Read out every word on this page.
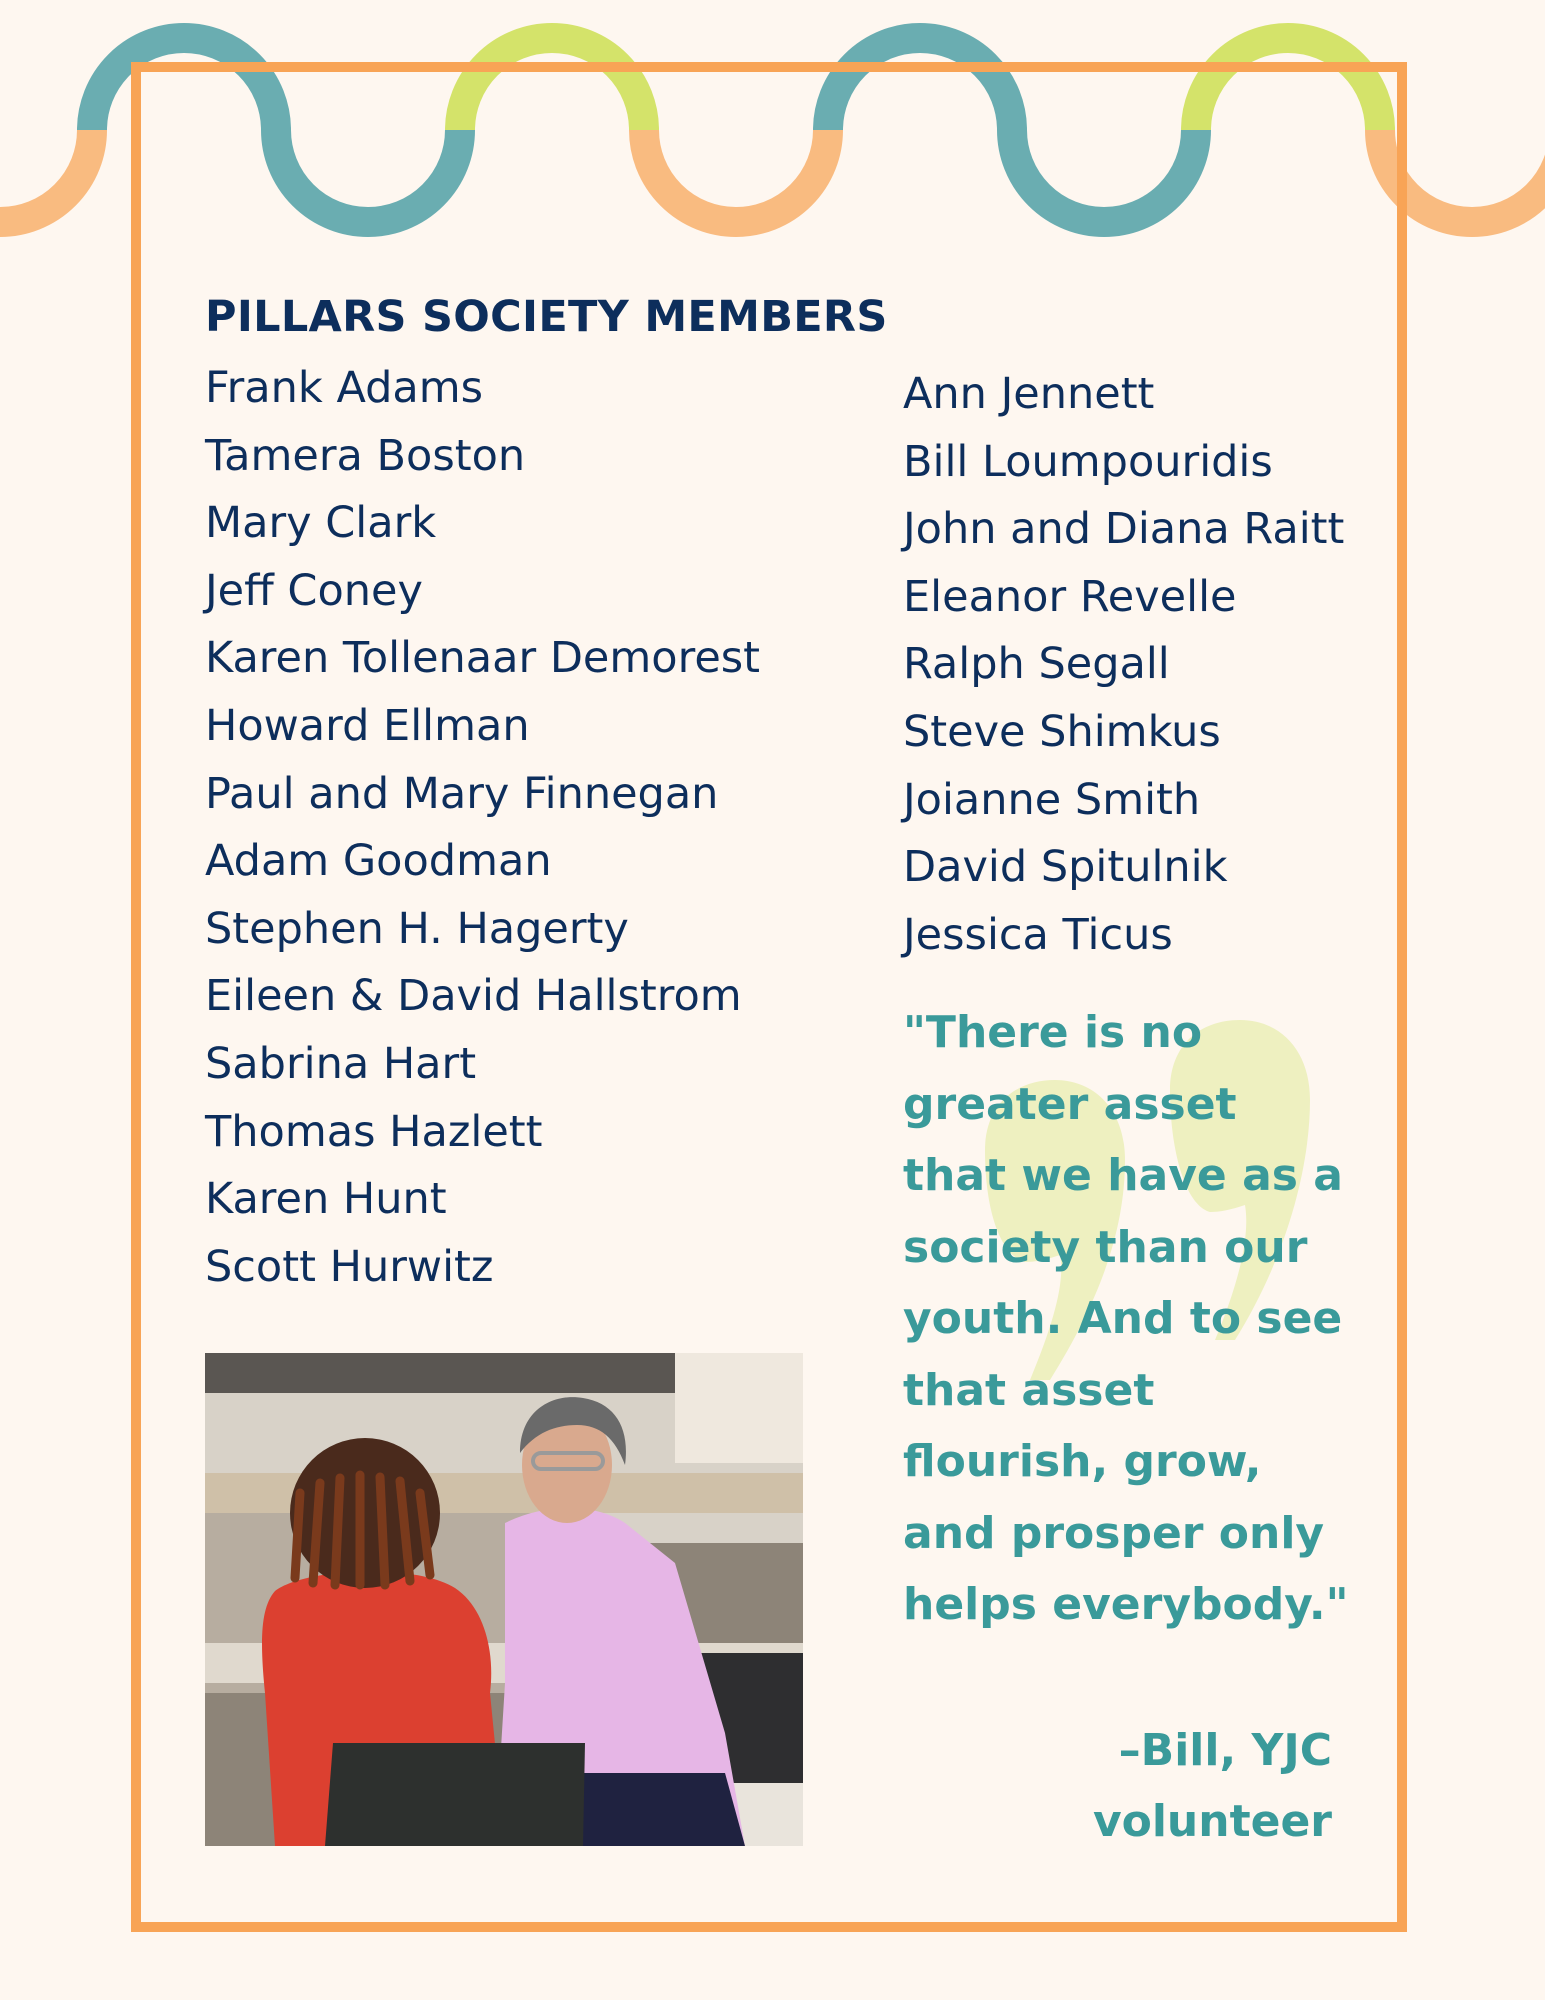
PILLARS SOCIETY MEMBERS
Frank Adams
Tamera Boston
Mary Clark
Jeff Coney
Karen Tollenaar Demorest
Howard Ellman
Paul and Mary Finnegan
Adam Goodman
Stephen H. Hagerty
Eileen & David Hallstrom
Sabrina Hart
Thomas Hazlett
Karen Hunt
Scott Hurwitz
Ann Jennett
Bill Loumpouridis
John and Diana Raitt
Eleanor Revelle
Ralph Segall
Steve Shimkus
Joianne Smith
David Spitulnik
Jessica Ticus

"There is no greater asset that we have as a society than our youth. And to see that asset flourish, grow, and prosper only helps everybody."

–Bill, YJC volunteer
